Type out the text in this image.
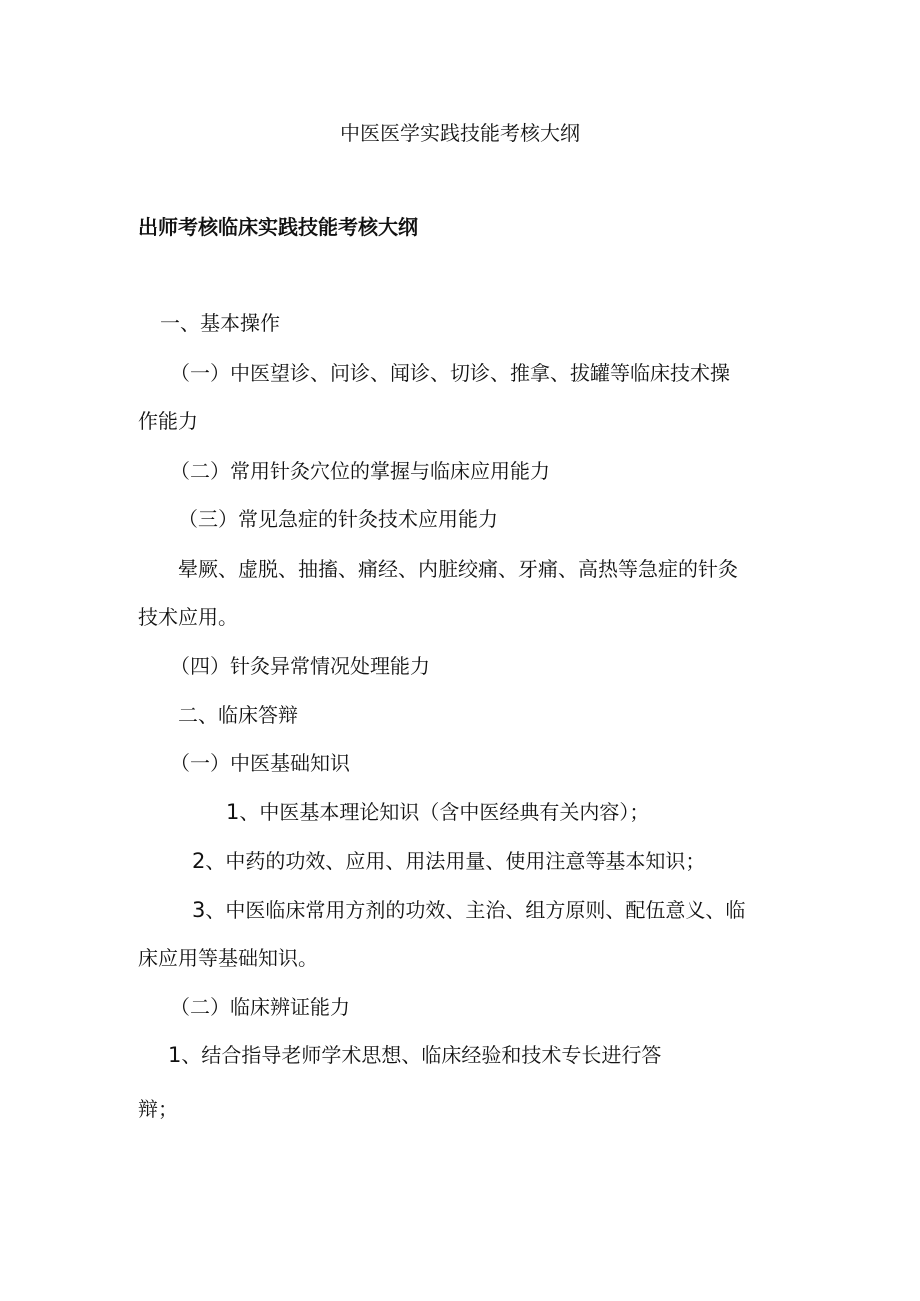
中医医学实践技能考核大纲
出师考核临床实践技能考核大纲
一、基本操作
（一）中医望诊、问诊、闻诊、切诊、推拿、拔罐等临床技术操
作能力
（二）常用针灸穴位的掌握与临床应用能力
（三）常见急症的针灸技术应用能力
晕厥、虚脱、抽搐、痛经、内脏绞痛、牙痛、高热等急症的针灸
技术应用。
（四）针灸异常情况处理能力
二、临床答辩
（一）中医基础知识
1、中医基本理论知识（含中医经典有关内容）；
2、中药的功效、应用、用法用量、使用注意等基本知识；
3、中医临床常用方剂的功效、主治、组方原则、配伍意义、临
床应用等基础知识。
（二）临床辨证能力
1、结合指导老师学术思想、临床经验和技术专长进行答
辩；
